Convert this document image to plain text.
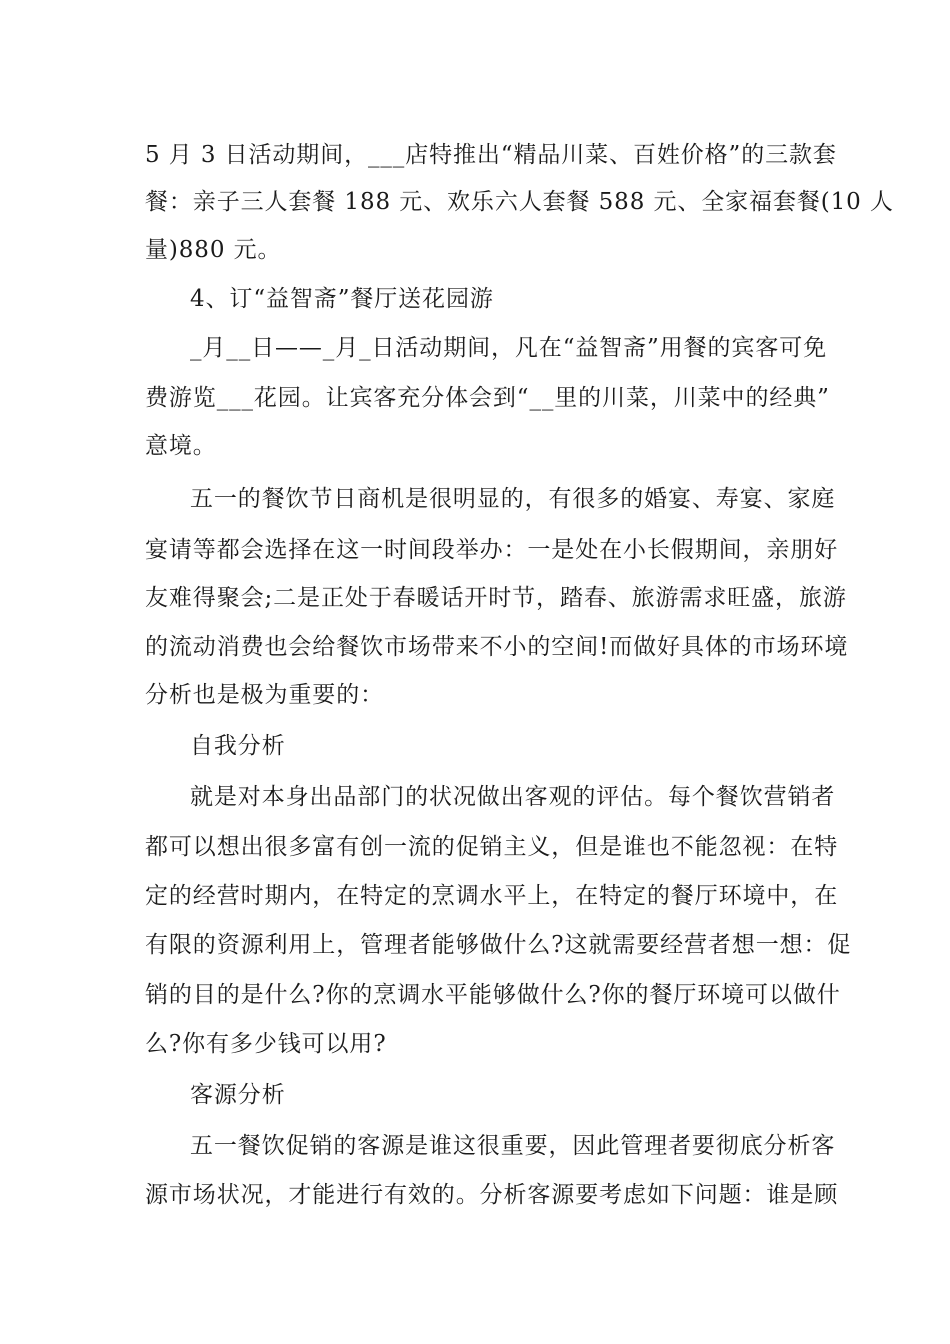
5 月 3 日活动期间，___店特推出“精品川菜、百姓价格”的三款套

餐：亲子三人套餐 188 元、欢乐六人套餐 588 元、全家福套餐(10 人

量)880 元。

4、订“益智斋”餐厅送花园游

_月__日——_月_日活动期间，凡在“益智斋”用餐的宾客可免

费游览___花园。让宾客充分体会到“__里的川菜，川菜中的经典”

意境。

五一的餐饮节日商机是很明显的，有很多的婚宴、寿宴、家庭

宴请等都会选择在这一时间段举办：一是处在小长假期间，亲朋好

友难得聚会;二是正处于春暖话开时节，踏春、旅游需求旺盛，旅游

的流动消费也会给餐饮市场带来不小的空间!而做好具体的市场环境

分析也是极为重要的：

自我分析

就是对本身出品部门的状况做出客观的评估。每个餐饮营销者

都可以想出很多富有创一流的促销主义，但是谁也不能忽视：在特

定的经营时期内，在特定的烹调水平上，在特定的餐厅环境中，在

有限的资源利用上，管理者能够做什么?这就需要经营者想一想：促

销的目的是什么?你的烹调水平能够做什么?你的餐厅环境可以做什

么?你有多少钱可以用?

客源分析

五一餐饮促销的客源是谁这很重要，因此管理者要彻底分析客

源市场状况，才能进行有效的。分析客源要考虑如下问题：谁是顾
